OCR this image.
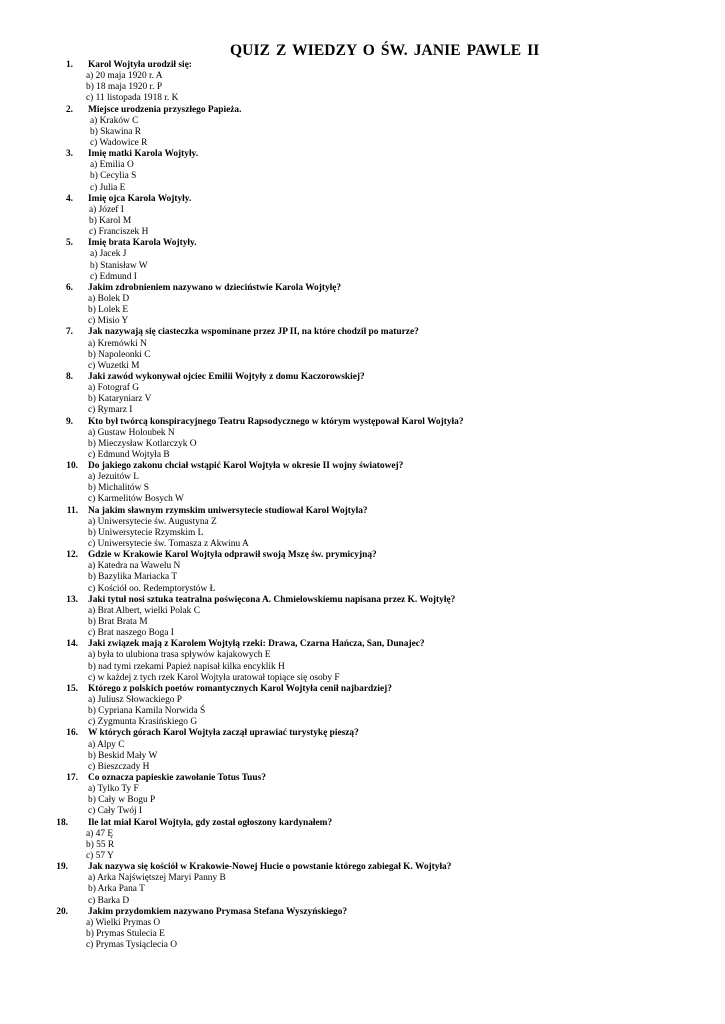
QUIZ Z WIEDZY O ŚW. JANIE PAWLE II
1. Karol Wojtyła urodził się:
a) 20 maja 1920 r. A
b) 18 maja 1920 r. P
c) 11 listopada 1918 r. K
2. Miejsce urodzenia przyszłego Papieża.
a) Kraków C
b) Skawina R
c) Wadowice R
3. Imię matki Karola Wojtyły.
a) Emilia O
b) Cecylia S
c) Julia E
4. Imię ojca Karola Wojtyły.
a) Józef I
b) Karol M
c) Franciszek H
5. Imię brata Karola Wojtyły.
a) Jacek J
b) Stanisław W
c) Edmund I
6. Jakim zdrobnieniem nazywano w dzieciństwie Karola Wojtyłę?
a) Bolek D
b) Lolek E
c) Misio Y
7. Jak nazywają się ciasteczka wspominane przez JP II, na które chodził po maturze?
a) Kremówki N
b) Napoleonki C
c) Wuzetki M
8. Jaki zawód wykonywał ojciec Emilii Wojtyły z domu Kaczorowskiej?
a) Fotograf G
b) Kataryniarz V
c) Rymarz I
9. Kto był twórcą konspiracyjnego Teatru Rapsodycznego w którym występował Karol Wojtyła?
a) Gustaw Holoubek N
b) Mieczysław Kotlarczyk O
c) Edmund Wojtyła B
10. Do jakiego zakonu chciał wstąpić Karol Wojtyła w okresie II wojny światowej?
a) Jezuitów L
b) Michalitów S
c) Karmelitów Bosych W
11. Na jakim sławnym rzymskim uniwersytecie studiował Karol Wojtyła?
a) Uniwersytecie św. Augustyna Z
b) Uniwersytecie Rzymskim L
c) Uniwersytecie św. Tomasza z Akwinu A
12. Gdzie w Krakowie Karol Wojtyła odprawił swoją Mszę św. prymicyjną?
a) Katedra na Wawelu N
b) Bazylika Mariacka T
c) Kościół oo. Redemptorystów Ł
13. Jaki tytuł nosi sztuka teatralna poświęcona A. Chmielowskiemu napisana przez K. Wojtyłę?
a) Brat Albert, wielki Polak C
b) Brat Brata M
c) Brat naszego Boga I
14. Jaki związek mają z Karolem Wojtyłą rzeki: Drawa, Czarna Hańcza, San, Dunajec?
a) była to ulubiona trasa spływów kajakowych E
b) nad tymi rzekami Papież napisał kilka encyklik H
c) w każdej z tych rzek Karol Wojtyła uratował topiące się osoby F
15. Którego z polskich poetów romantycznych Karol Wojtyła cenił najbardziej?
a) Juliusz Słowackiego P
b) Cypriana Kamila Norwida Ś
c) Zygmunta Krasińskiego G
16. W których górach Karol Wojtyła zaczął uprawiać turystykę pieszą?
a) Alpy C
b) Beskid Mały W
c) Bieszczady H
17. Co oznacza papieskie zawołanie Totus Tuus?
a) Tylko Ty F
b) Cały w Bogu P
c) Cały Twój I
18. Ile lat miał Karol Wojtyła, gdy został ogłoszony kardynałem?
a) 47 Ę
b) 55 R
c) 57 Y
19. Jak nazywa się kościół w Krakowie-Nowej Hucie o powstanie którego zabiegał K. Wojtyła?
a) Arka Najświętszej Maryi Panny B
b) Arka Pana T
c) Barka D
20. Jakim przydomkiem nazywano Prymasa Stefana Wyszyńskiego?
a) Wielki Prymas O
b) Prymas Stulecia E
c) Prymas Tysiąclecia O
